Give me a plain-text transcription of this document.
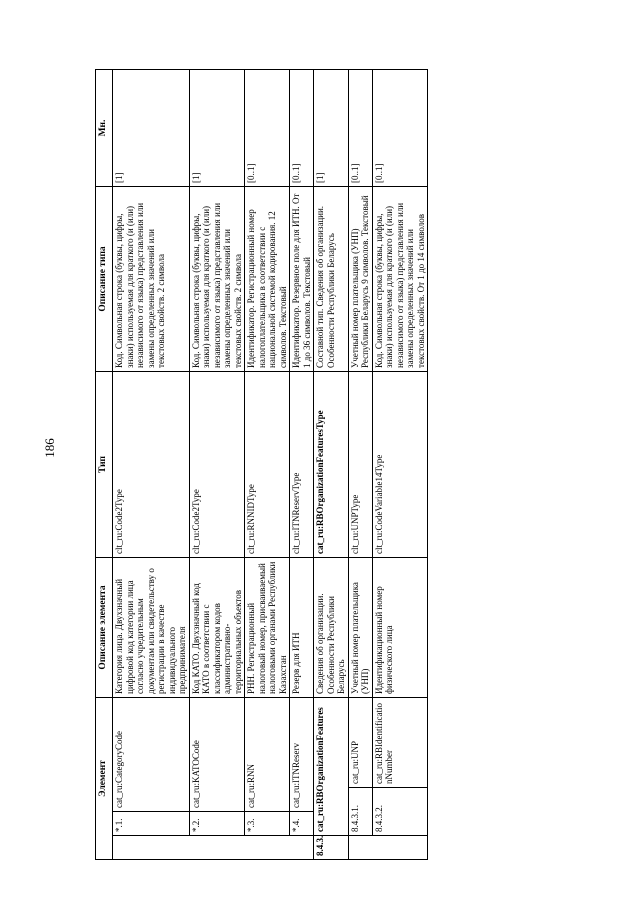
186
Элемент				Описание элемента	Тип	Описание типа	Мн.
	*.1.	cat_ru:CategoryCode		Категория лица. Двухзначный цифровой код категории лица согласно учредительным документам или свидетельству о регистрации в качестве индивидуального предпринимателя	clt_ru:Code2Type	Код. Символьная строка (буквы, цифры, знаки) используемая для краткого (и (или) независимого от языка) представления или замены определенных значений или текстовых свойств. 2 символа	[1]
	*.2.	cat_ru:KATOCode		Код КАТО. Двухзначный код КАТО в соответствии с классификатором кодов административно-территориальных объектов	clt_ru:Code2Type	Код. Символьная строка (буквы, цифры, знаки) используемая для краткого (и (или) независимого от языка) представления или замены определенных значений или текстовых свойств. 2 символа	[1]
	*.3.	cat_ru:RNN		РНН. Регистрационный налоговый номер, присваиваемый налоговыми органами Республики Казахстан	clt_ru:RNNIDType	Идентификатор. Регистрационный номер налогоплательщика в соответствии с национальной системой кодирования. 12 символов. Текстовый	[0..1]
	*.4.	cat_ru:ITNReserv		Резерв для ИТН	clt_ru:ITNReservType	Идентификатор. Резервное поле для ИТН. От 1 до 36 символов. Текстовый	[0..1]
8.4.3.	cat_ru:RBOrganizationFeatures			Сведения об организации. Особенности Республики Беларусь	cat_ru:RBOrganizationFeaturesType	Составной тип. Сведения об организации. Особенности Республики Беларусь	[1]
	8.4.3.1.		cat_ru:UNP	Учетный номер плательщика (УНП)	clt_ru:UNPType	Учетный номер плательщика (УНП) Республики Беларусь 9 символов. Текстовый	[0..1]
	8.4.3.2.		cat_ru:RBIdentificationNumber	Идентификационный номер физического лица	clt_ru:CodeVariable14Type	Код. Символьная строка (буквы, цифры, знаки) используемая для краткого (и (или) независимого от языка) представления или замены определенных значений или текстовых свойств. От 1 до 14 символов	[0..1]
